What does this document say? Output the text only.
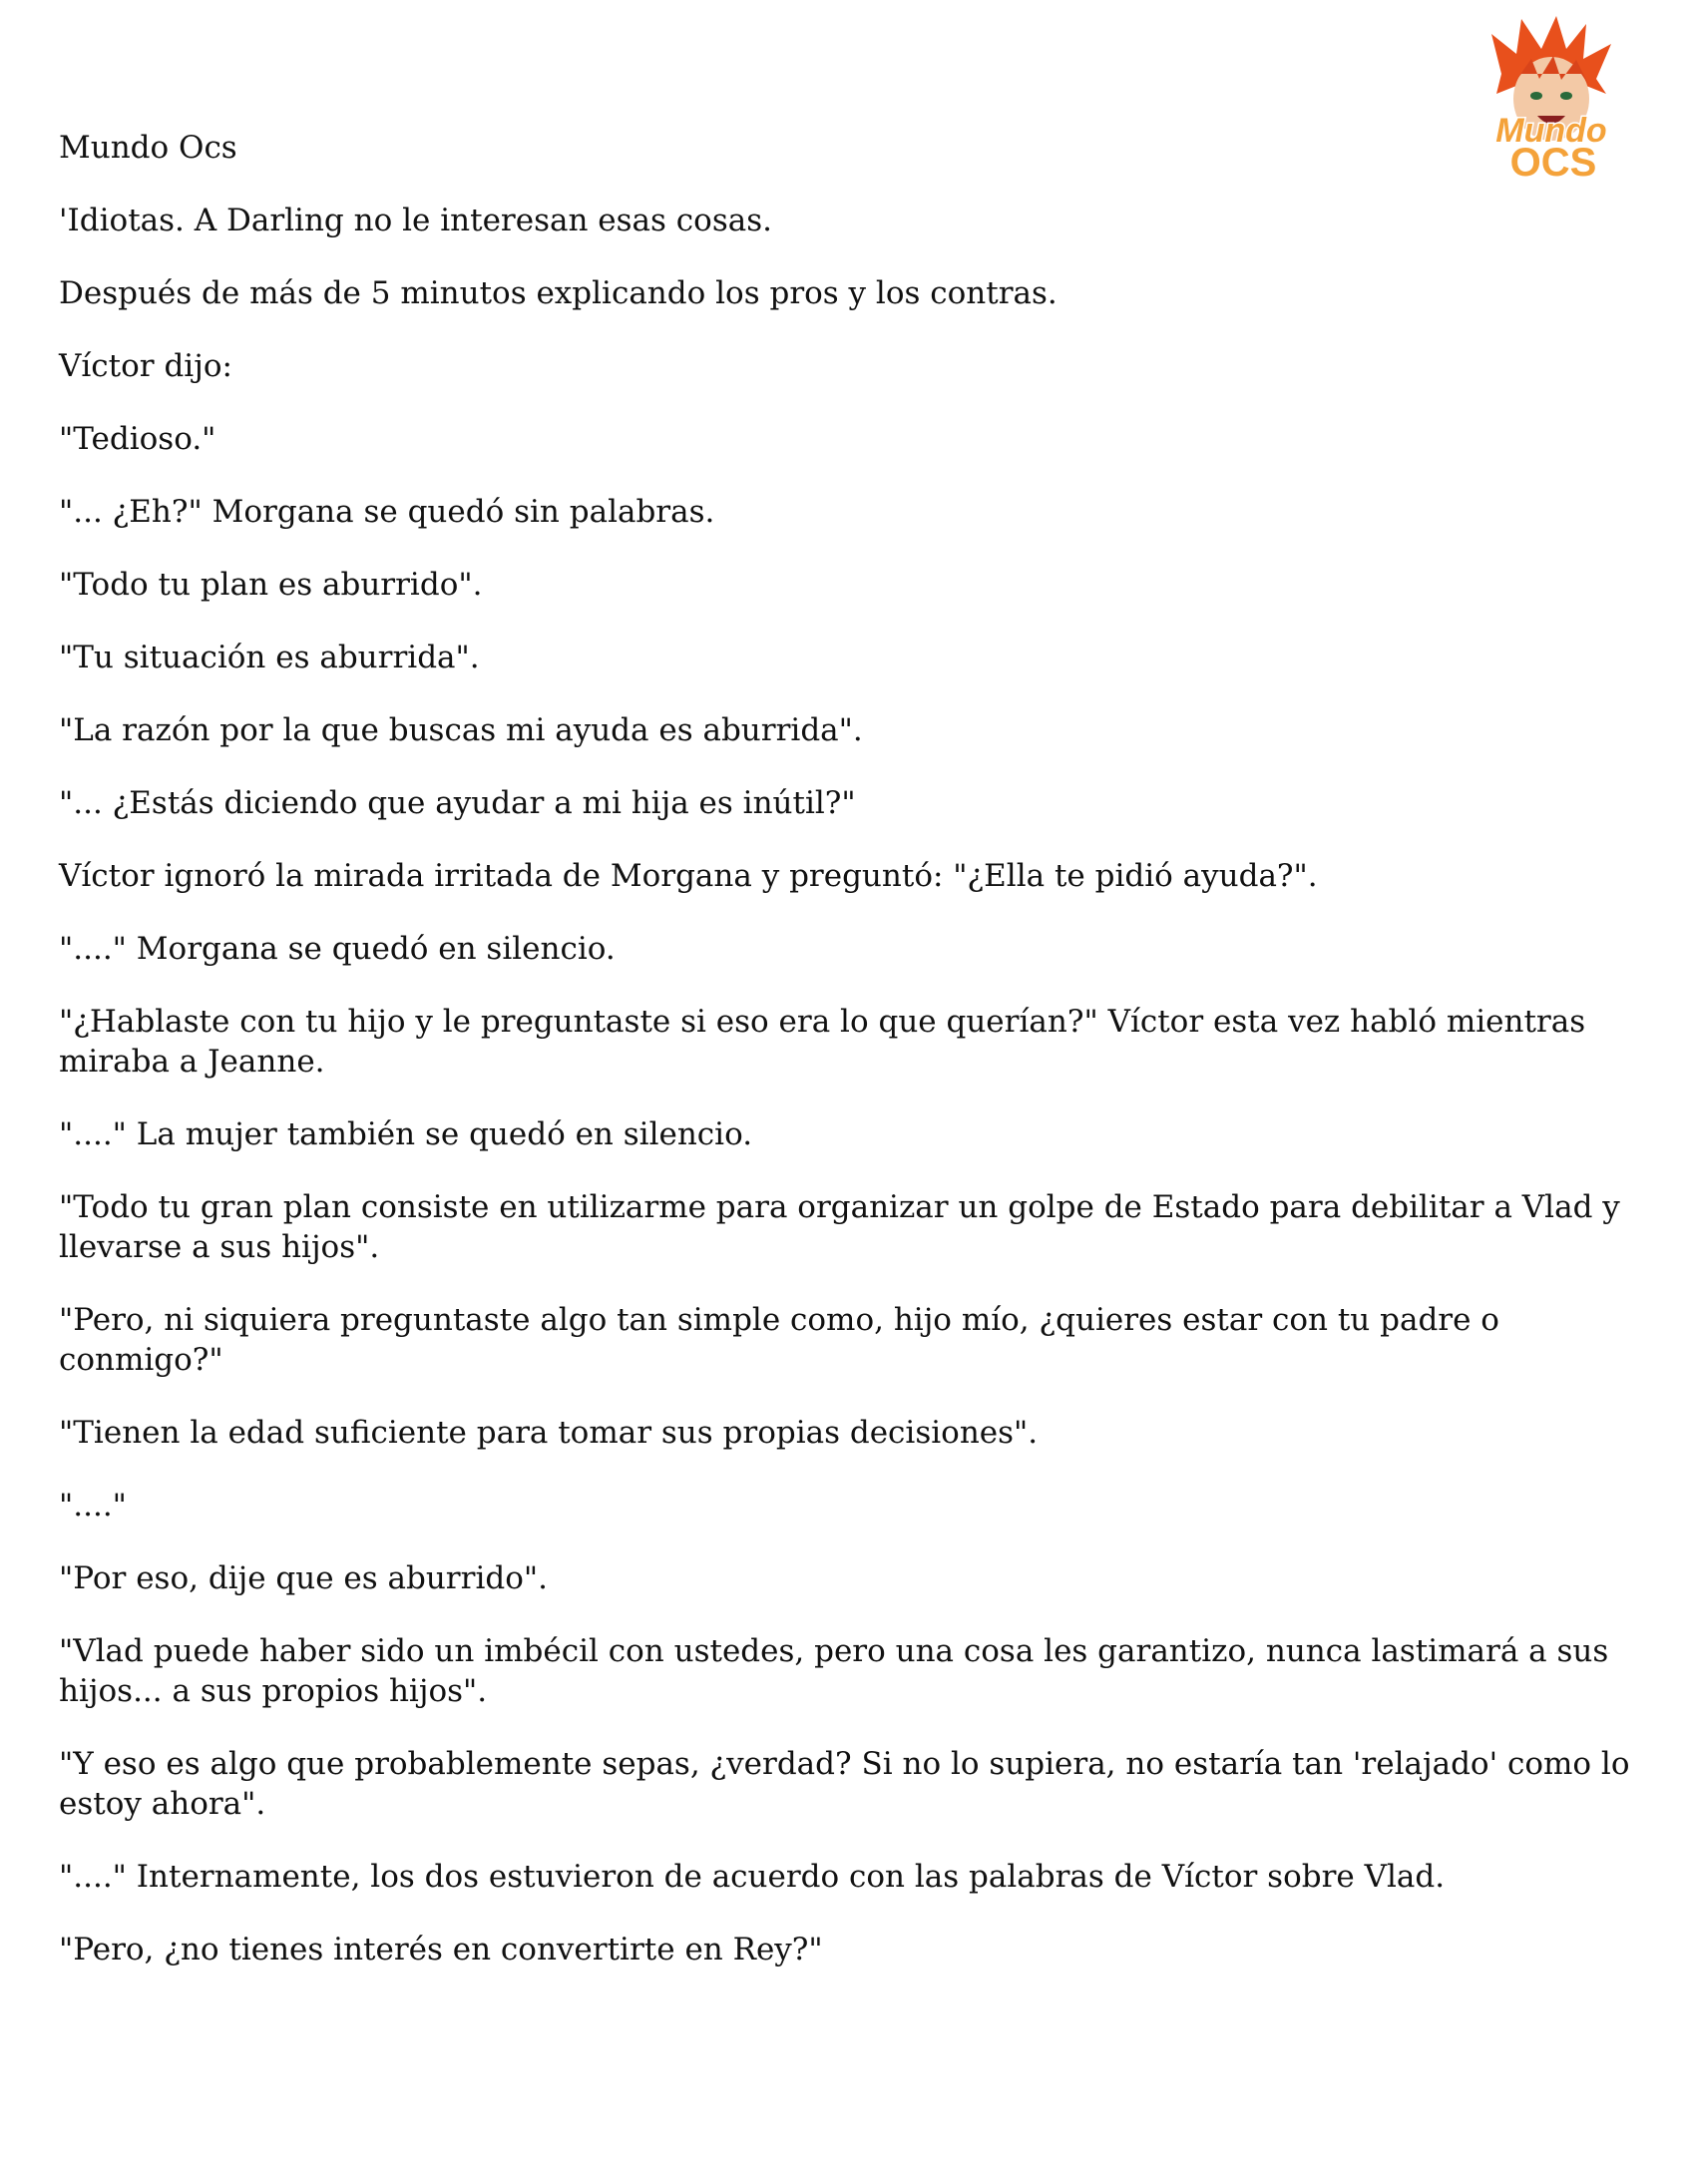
Mundo
OCS

Mundo Ocs

'Idiotas. A Darling no le interesan esas cosas.

Después de más de 5 minutos explicando los pros y los contras.

Víctor dijo:

"Tedioso."

"... ¿Eh?" Morgana se quedó sin palabras.

"Todo tu plan es aburrido".

"Tu situación es aburrida".

"La razón por la que buscas mi ayuda es aburrida".

"... ¿Estás diciendo que ayudar a mi hija es inútil?"

Víctor ignoró la mirada irritada de Morgana y preguntó: "¿Ella te pidió ayuda?".

"...." Morgana se quedó en silencio.

"¿Hablaste con tu hijo y le preguntaste si eso era lo que querían?" Víctor esta vez habló mientras miraba a Jeanne.

"...." La mujer también se quedó en silencio.

"Todo tu gran plan consiste en utilizarme para organizar un golpe de Estado para debilitar a Vlad y llevarse a sus hijos".

"Pero, ni siquiera preguntaste algo tan simple como, hijo mío, ¿quieres estar con tu padre o conmigo?"

"Tienen la edad suficiente para tomar sus propias decisiones".

"...."

"Por eso, dije que es aburrido".

"Vlad puede haber sido un imbécil con ustedes, pero una cosa les garantizo, nunca lastimará a sus hijos... a sus propios hijos".

"Y eso es algo que probablemente sepas, ¿verdad? Si no lo supiera, no estaría tan 'relajado' como lo estoy ahora".

"...." Internamente, los dos estuvieron de acuerdo con las palabras de Víctor sobre Vlad.

"Pero, ¿no tienes interés en convertirte en Rey?"
